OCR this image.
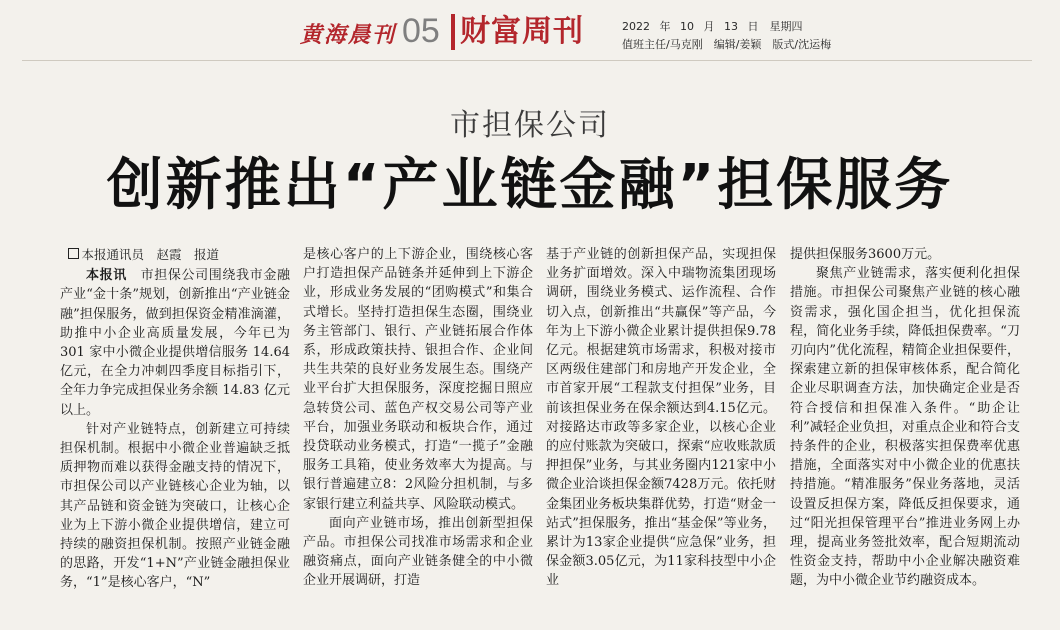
黄海晨刊 05 财富周刊	2022 年 10 月 13 日　星期四
值班主任/马克刚　编辑/姜颖　版式/沈运梅
市担保公司
创新推出“产业链金融”担保服务
本报通讯员　赵霞　报道

本报讯　 市担保公司围绕我市金融产业“金十条”规划，创新推出“产业链金融”担保服务，做到担保资金精准滴灌，助推中小企业高质量发展，今年已为 301 家中小微企业提供增信服务 14.64 亿元，在全力冲刺四季度目标指引下，全年力争完成担保业务余额 14.83 亿元以上。

针对产业链特点，创新建立可持续担保机制。根据中小微企业普遍缺乏抵质押物而难以获得金融支持的情况下，市担保公司以产业链核心企业为轴，以其产品链和资金链为突破口，让核心企业为上下游小微企业提供增信，建立可持续的融资担保机制。按照产业链金融的思路，开发“1+N”产业链金融担保业务，“1”是核心客户，“N”

是核心客户的上下游企业，围绕核心客户打造担保产品链条并延伸到上下游企业，形成业务发展的“团购模式”和集合式增长。坚持打造担保生态圈，围绕业务主管部门、银行、产业链拓展合作体系，形成政策扶持、银担合作、企业间共生共荣的良好业务发展生态。围绕产业平台扩大担保服务，深度挖掘日照应急转贷公司、蓝色产权交易公司等产业平台，加强业务联动和板块合作，通过投贷联动业务模式，打造“一揽子”金融服务工具箱，使业务效率大为提高。与银行普遍建立8：2风险分担机制，与多家银行建立利益共享、风险联动模式。

面向产业链市场，推出创新型担保产品。市担保公司找准市场需求和企业融资痛点，面向产业链条健全的中小微企业开展调研，打造

基于产业链的创新担保产品，实现担保业务扩面增效。深入中瑞物流集团现场调研，围绕业务模式、运作流程、合作切入点，创新推出“共赢保”等产品，今年为上下游小微企业累计提供担保9.78亿元。根据建筑市场需求，积极对接市区两级住建部门和房地产开发企业，全市首家开展“工程款支付担保”业务，目前该担保业务在保余额达到4.15亿元。对接路达市政等多家企业，以核心企业的应付账款为突破口，探索“应收账款质押担保”业务，与其业务圈内121家中小微企业洽谈担保金额7428万元。依托财金集团业务板块集群优势，打造“财金一站式”担保服务，推出“基金保”等业务，累计为13家企业提供“应急保”业务，担保金额3.05亿元，为11家科技型中小企业

提供担保服务3600万元。

聚焦产业链需求，落实便利化担保措施。市担保公司聚焦产业链的核心融资需求，强化国企担当，优化担保流程，简化业务手续，降低担保费率。“刀刃向内”优化流程，精简企业担保要件，探索建立新的担保审核体系，配合简化企业尽职调查方法，加快确定企业是否符合授信和担保准入条件。“助企让利”减轻企业负担，对重点企业和符合支持条件的企业，积极落实担保费率优惠措施，全面落实对中小微企业的优惠扶持措施。“精准服务”保业务落地，灵活设置反担保方案，降低反担保要求，通过“阳光担保管理平台”推进业务网上办理，提高业务签批效率，配合短期流动性资金支持，帮助中小企业解决融资难题，为中小微企业节约融资成本。
